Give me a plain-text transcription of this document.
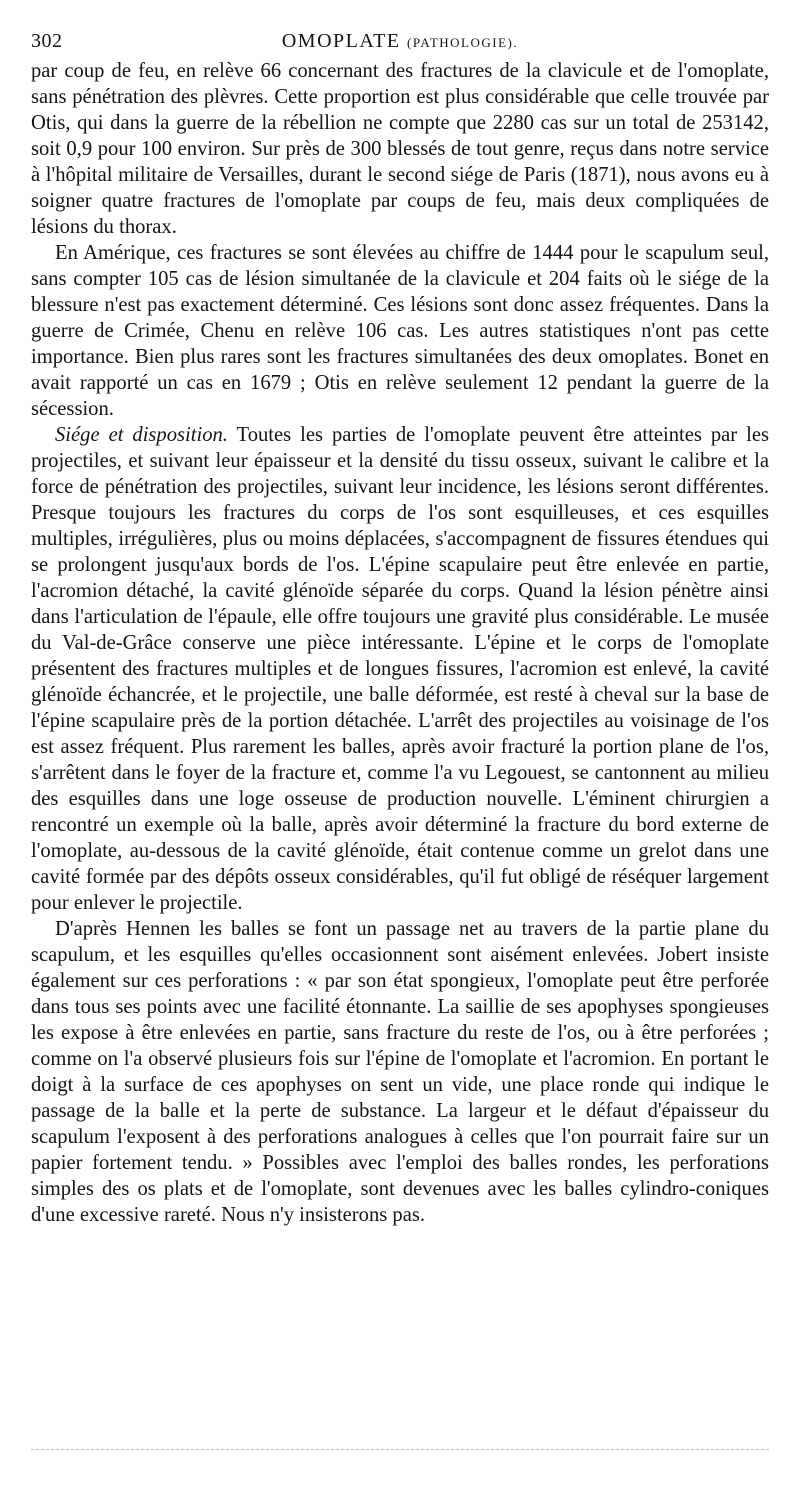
302	OMOPLATE (PATHOLOGIE).

par coup de feu, en relève 66 concernant des fractures de la clavicule et de l'omoplate, sans pénétration des plèvres. Cette proportion est plus considérable que celle trouvée par Otis, qui dans la guerre de la rébellion ne compte que 2280 cas sur un total de 253142, soit 0,9 pour 100 environ. Sur près de 300 blessés de tout genre, reçus dans notre service à l'hôpital militaire de Versailles, durant le second siége de Paris (1871), nous avons eu à soigner quatre fractures de l'omoplate par coups de feu, mais deux compliquées de lésions du thorax.

En Amérique, ces fractures se sont élevées au chiffre de 1444 pour le scapulum seul, sans compter 105 cas de lésion simultanée de la clavicule et 204 faits où le siége de la blessure n'est pas exactement déterminé. Ces lésions sont donc assez fréquentes. Dans la guerre de Crimée, Chenu en relève 106 cas. Les autres statistiques n'ont pas cette importance. Bien plus rares sont les fractures simultanées des deux omoplates. Bonet en avait rapporté un cas en 1679 ; Otis en relève seulement 12 pendant la guerre de la sécession.

Siége et disposition. Toutes les parties de l'omoplate peuvent être atteintes par les projectiles, et suivant leur épaisseur et la densité du tissu osseux, suivant le calibre et la force de pénétration des projectiles, suivant leur incidence, les lésions seront différentes. Presque toujours les fractures du corps de l'os sont esquilleuses, et ces esquilles multiples, irrégulières, plus ou moins déplacées, s'accompagnent de fissures étendues qui se prolongent jusqu'aux bords de l'os. L'épine scapulaire peut être enlevée en partie, l'acromion détaché, la cavité glénoïde séparée du corps. Quand la lésion pénètre ainsi dans l'articulation de l'épaule, elle offre toujours une gravité plus considérable. Le musée du Val-de-Grâce conserve une pièce intéressante. L'épine et le corps de l'omoplate présentent des fractures multiples et de longues fissures, l'acromion est enlevé, la cavité glénoïde échancrée, et le projectile, une balle déformée, est resté à cheval sur la base de l'épine scapulaire près de la portion détachée. L'arrêt des projectiles au voisinage de l'os est assez fréquent. Plus rarement les balles, après avoir fracturé la portion plane de l'os, s'arrêtent dans le foyer de la fracture et, comme l'a vu Legouest, se cantonnent au milieu des esquilles dans une loge osseuse de production nouvelle. L'éminent chirurgien a rencontré un exemple où la balle, après avoir déterminé la fracture du bord externe de l'omoplate, au-dessous de la cavité glénoïde, était contenue comme un grelot dans une cavité formée par des dépôts osseux considérables, qu'il fut obligé de réséquer largement pour enlever le projectile.

D'après Hennen les balles se font un passage net au travers de la partie plane du scapulum, et les esquilles qu'elles occasionnent sont aisément enlevées. Jobert insiste également sur ces perforations : « par son état spongieux, l'omoplate peut être perforée dans tous ses points avec une facilité étonnante. La saillie de ses apophyses spongieuses les expose à être enlevées en partie, sans fracture du reste de l'os, ou à être perforées ; comme on l'a observé plusieurs fois sur l'épine de l'omoplate et l'acromion. En portant le doigt à la surface de ces apophyses on sent un vide, une place ronde qui indique le passage de la balle et la perte de substance. La largeur et le défaut d'épaisseur du scapulum l'exposent à des perforations analogues à celles que l'on pourrait faire sur un papier fortement tendu. » Possibles avec l'emploi des balles rondes, les perforations simples des os plats et de l'omoplate, sont devenues avec les balles cylindro-coniques d'une excessive rareté. Nous n'y insisterons pas.
